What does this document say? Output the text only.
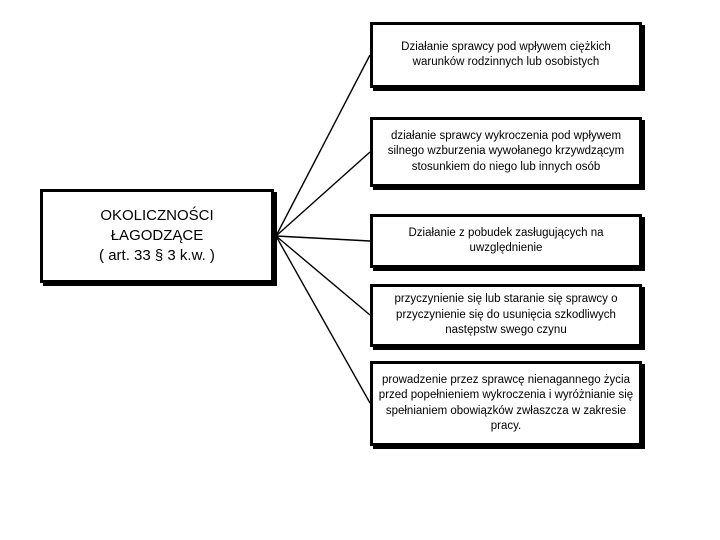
OKOLICZNOŚCI
ŁAGODZĄCE
( art. 33 § 3 k.w. )
Działanie sprawcy pod wpływem ciężkich warunków rodzinnych lub osobistych
działanie sprawcy wykroczenia pod wpływem silnego wzburzenia wywołanego krzywdzącym stosunkiem do niego lub innych osób
Działanie z pobudek zasługujących na uwzględnienie
przyczynienie się lub staranie się sprawcy o przyczynienie się do usunięcia szkodliwych następstw swego czynu
prowadzenie przez sprawcę nienagannego życia przed popełnieniem wykroczenia i wyróżnianie się spełnianiem obowiązków zwłaszcza w zakresie pracy.
